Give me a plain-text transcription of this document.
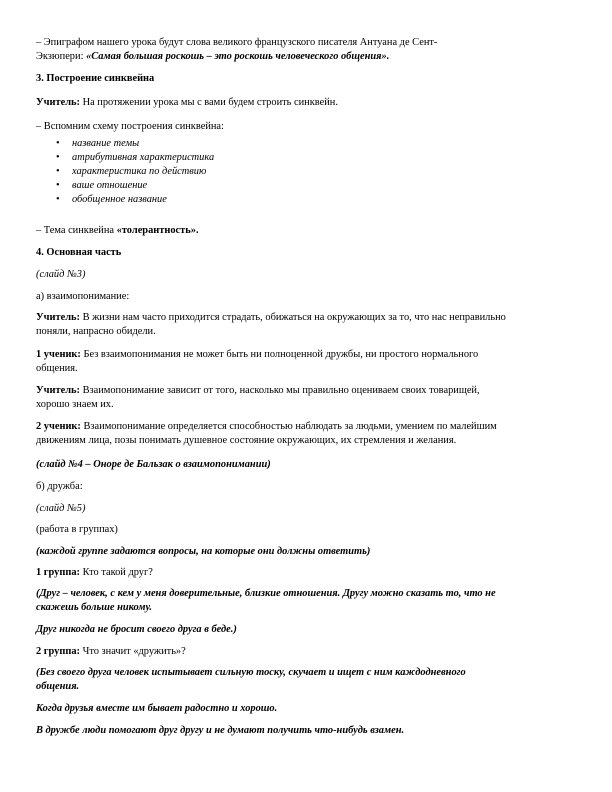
– Эпиграфом нашего урока будут слова великого французского писателя Антуана де Сент-

Экзюпери: «Самая большая роскошь – это роскошь человеческого общения».

3. Построение синквейна

Учитель: На протяжении урока мы с вами будем строить синквейн.

– Вспомним схему построения синквейна:

• название темы
• атрибутивная характеристика
• характеристика по действию
• ваше отношение
• обобщенное название

– Тема синквейна «толерантность».

4. Основная часть

(слайд №3)

а) взаимопонимание:

Учитель: В жизни нам часто приходится страдать, обижаться на окружающих за то, что нас неправильно

поняли, напрасно обидели.

1 ученик: Без взаимопонимания не может быть ни полноценной дружбы, ни простого нормального

общения.

Учитель: Взаимопонимание зависит от того, насколько мы правильно оцениваем своих товарищей,

хорошо знаем их.

2 ученик: Взаимопонимание определяется способностью наблюдать за людьми, умением по малейшим

движениям лица, позы понимать душевное состояние окружающих, их стремления и желания.

(слайд №4 – Оноре де Бальзак о взаимопонимании)

б) дружба:

(слайд №5)

(работа в группах)

(каждой группе задаются вопросы, на которые они должны ответить)

1 группа: Кто такой друг?

(Друг – человек, с кем у меня доверительные, близкие отношения. Другу можно сказать то, что не

скажешь больше никому.

Друг никогда не бросит своего друга в беде.)

2 группа: Что значит «дружить»?

(Без своего друга человек испытывает сильную тоску, скучает и ищет с ним каждодневного

общения.

Когда друзья вместе им бывает радостно и хорошо.

В дружбе люди помогают друг другу и не думают получить что-нибудь взамен.
